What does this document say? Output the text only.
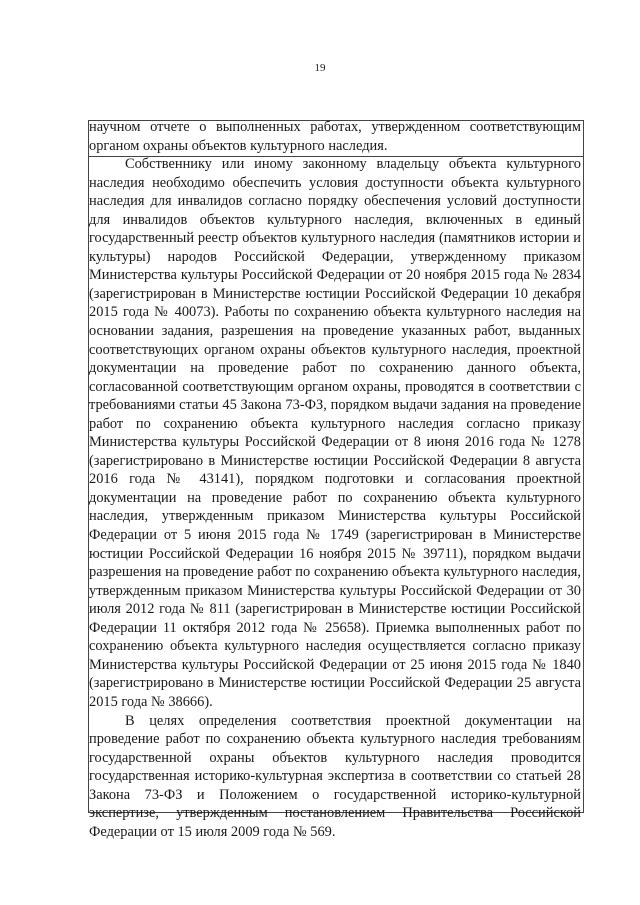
19

научном отчете о выполненных работах, утвержденном соответствующим органом охраны объектов культурного наследия.

Собственнику или иному законному владельцу объекта культурного наследия необходимо обеспечить условия доступности объекта культурного наследия для инвалидов согласно порядку обеспечения условий доступности для инвалидов объектов культурного наследия, включенных в единый государственный реестр объектов культурного наследия (памятников истории и культуры) народов Российской Федерации, утвержденному приказом Министерства культуры Российской Федерации от 20 ноября 2015 года № 2834 (зарегистрирован в Министерстве юстиции Российской Федерации 10 декабря 2015 года № 40073). Работы по сохранению объекта культурного наследия на основании задания, разрешения на проведение указанных работ, выданных соответствующих органом охраны объектов культурного наследия, проектной документации на проведение работ по сохранению данного объекта, согласованной соответствующим органом охраны, проводятся в соответствии с требованиями статьи 45 Закона 73-ФЗ, порядком выдачи задания на проведение работ по сохранению объекта культурного наследия согласно приказу Министерства культуры Российской Федерации от 8 июня 2016 года № 1278 (зарегистрировано в Министерстве юстиции Российской Федерации 8 августа 2016 года № 43141), порядком подготовки и согласования проектной документации на проведение работ по сохранению объекта культурного наследия, утвержденным приказом Министерства культуры Российской Федерации от 5 июня 2015 года № 1749 (зарегистрирован в Министерстве юстиции Российской Федерации 16 ноября 2015 № 39711), порядком выдачи разрешения на проведение работ по сохранению объекта культурного наследия, утвержденным приказом Министерства культуры Российской Федерации от 30 июля 2012 года № 811 (зарегистрирован в Министерстве юстиции Российской Федерации 11 октября 2012 года № 25658). Приемка выполненных работ по сохранению объекта культурного наследия осуществляется согласно приказу Министерства культуры Российской Федерации от 25 июня 2015 года № 1840 (зарегистрировано в Министерстве юстиции Российской Федерации 25 августа 2015 года № 38666).

В целях определения соответствия проектной документации на проведение работ по сохранению объекта культурного наследия требованиям государственной охраны объектов культурного наследия проводится государственная историко-культурная экспертиза в соответствии со статьей 28 Закона 73-ФЗ и Положением о государственной историко-культурной экспертизе, утвержденным постановлением Правительства Российской Федерации от 15 июля 2009 года № 569.
